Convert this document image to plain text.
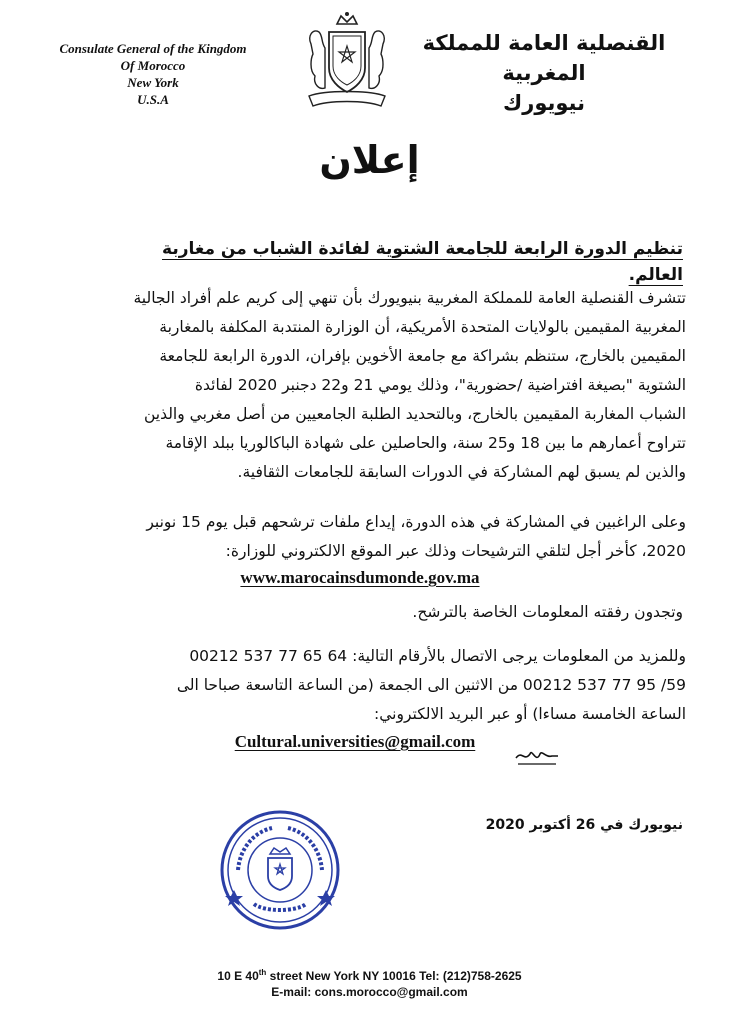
Consulate General of the Kingdom
Of Morocco
New York
U.S.A
القنصلية العامة للمملكة المغربية
نيويورك
إعلان
تنظيم الدورة الرابعة للجامعة الشتوية لفائدة الشباب من مغاربة العالم.
تتشرف القنصلية العامة للمملكة المغربية بنيويورك بأن تنهي إلى كريم علم أفراد الجالية
المغربية المقيمين بالولايات المتحدة الأمريكية، أن الوزارة المنتدبة المكلفة بالمغاربة
المقيمين بالخارج، ستنظم بشراكة مع جامعة الأخوين بإفران، الدورة الرابعة للجامعة
الشتوية "بصيغة افتراضية /حضورية"، وذلك يومي 21 و22 دجنبر 2020 لفائدة
الشباب المغاربة المقيمين بالخارج، وبالتحديد الطلبة الجامعيين من أصل مغربي والذين
تتراوح أعمارهم ما بين 18 و25 سنة، والحاصلين على شهادة الباكالوريا ببلد الإقامة
والذين لم يسبق لهم المشاركة في الدورات السابقة للجامعات الثقافية.
وعلى الراغبين في المشاركة في هذه الدورة، إيداع ملفات ترشحهم قبل يوم 15 نونبر
2020، كأخر أجل لتلقي الترشيحات وذلك عبر الموقع الالكتروني للوزارة:
www.marocainsdumonde.gov.ma
وتجدون رفقته المعلومات الخاصة بالترشح.
وللمزيد من المعلومات يرجى الاتصال بالأرقام التالية: 64 65 77 537 00212
59/ 95 77 537 00212 من الاثنين الى الجمعة (من الساعة التاسعة صباحا الى
الساعة الخامسة مساءا) أو عبر البريد الالكتروني:
Cultural.universities@gmail.com
نيويورك في 26 أكتوبر 2020
10 E 40th street New York NY 10016 Tel: (212)758-2625
E-mail: cons.morocco@gmail.com
